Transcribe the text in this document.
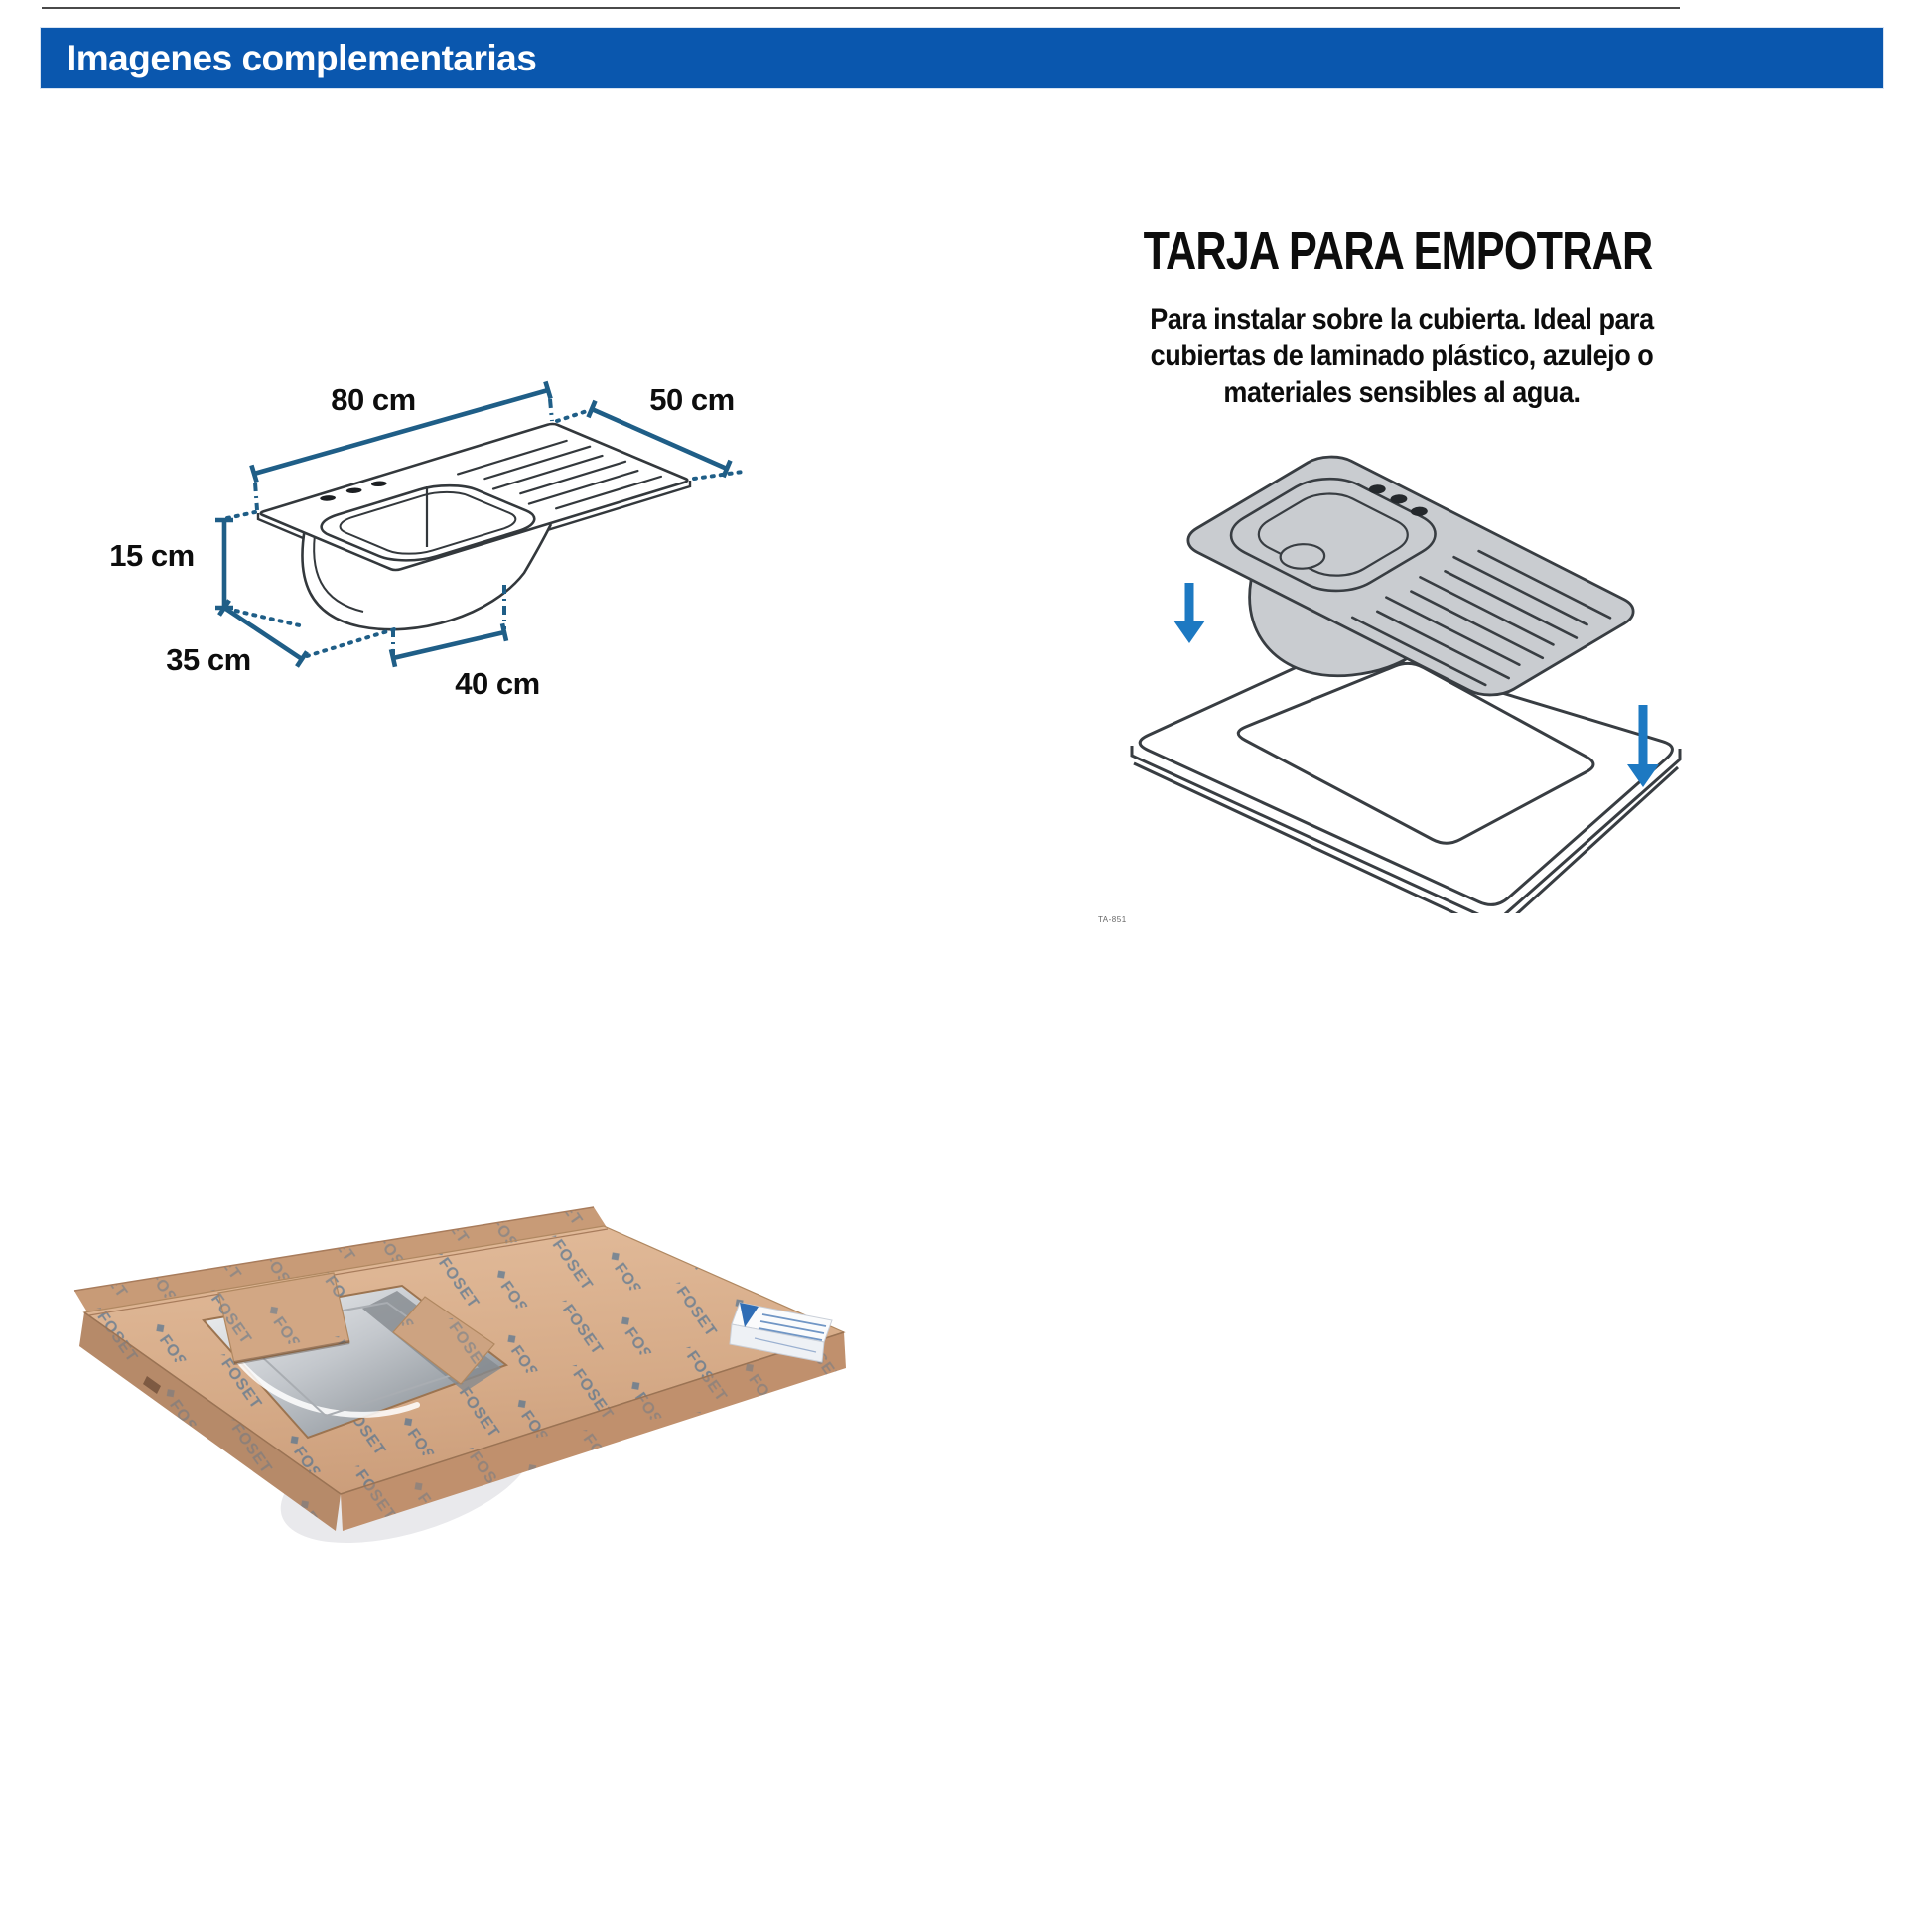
Imagenes complementarias
80 cm	50 cm
15 cm
35 cm
40 cm
TARJA PARA EMPOTRAR
Para instalar sobre la cubierta. Ideal para
cubiertas de laminado plástico, azulejo o
materiales sensibles al agua.
TA-851
